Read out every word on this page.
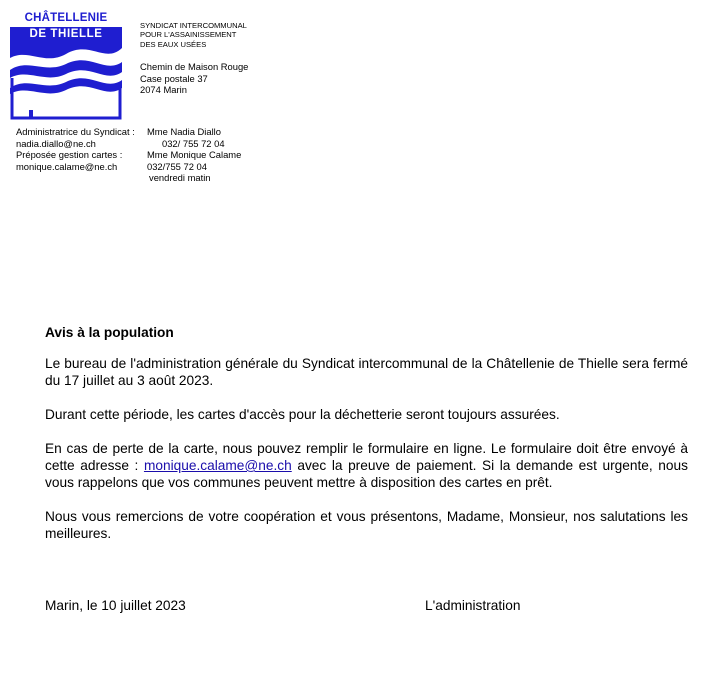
CHÂTELLENIE
DE THIELLE
SYNDICAT INTERCOMMUNAL
POUR L'ASSAINISSEMENT
DES EAUX USÉES
Chemin de Maison Rouge
Case postale 37
2074 Marin
Administratrice du Syndicat : Mme Nadia Diallo
nadia.diallo@ne.ch	032/ 755 72 04
Préposée gestion cartes :	Mme Monique Calame
monique.calame@ne.ch	032/755 72 04
vendredi matin
Avis à la population
Le bureau de l'administration générale du Syndicat intercommunal de la Châtellenie de Thielle sera fermé du 17 juillet au 3 août 2023.
Durant cette période, les cartes d'accès pour la déchetterie seront toujours assurées.
En cas de perte de la carte, nous pouvez remplir le formulaire en ligne. Le formulaire doit être envoyé à cette adresse : monique.calame@ne.ch avec la preuve de paiement. Si la demande est urgente, nous vous rappelons que vos communes peuvent mettre à disposition des cartes en prêt.
Nous vous remercions de votre coopération et vous présentons, Madame, Monsieur, nos salutations les meilleures.
Marin, le 10 juillet 2023	L'administration
